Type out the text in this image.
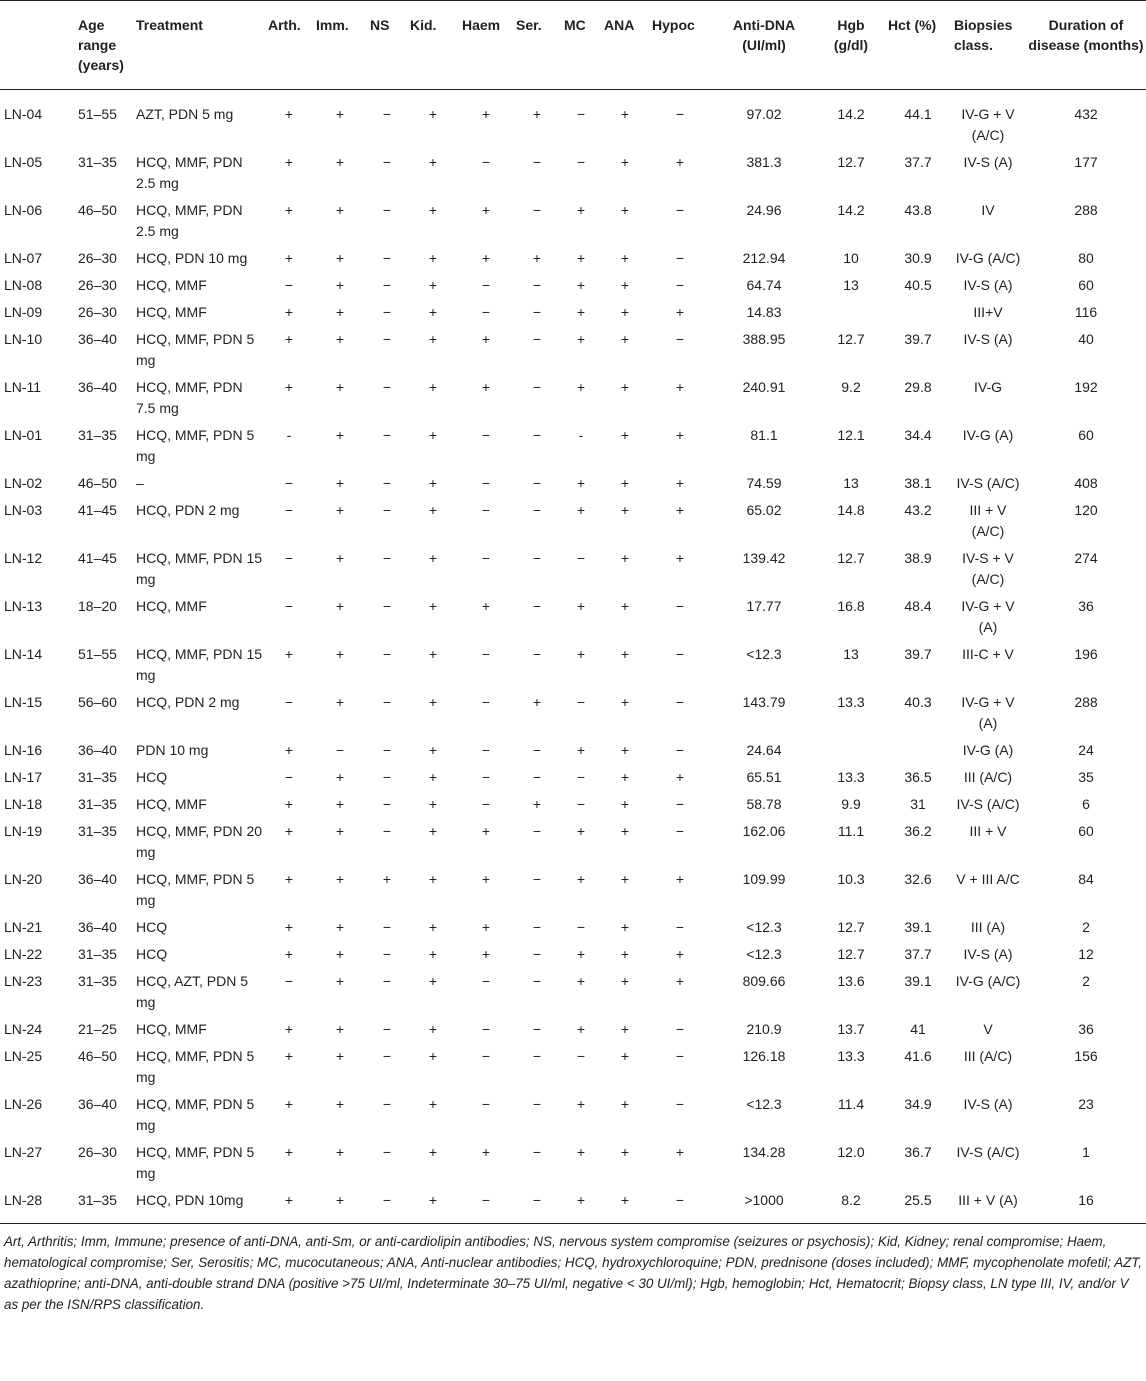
	Age range (years)	Treatment	Arth.	Imm.	NS	Kid.	Haem	Ser.	MC	ANA	Hypoc	Anti-DNA (UI/ml)	Hgb (g/dl)	Hct (%)	Biopsies class.	Duration of disease (months)
LN-04	51–55	AZT, PDN 5 mg	+	+	−	+	+	+	−	+	−	97.02	14.2	44.1	IV-G + V (A/C)	432
LN-05	31–35	HCQ, MMF, PDN 2.5 mg	+	+	−	+	−	−	−	+	+	381.3	12.7	37.7	IV-S (A)	177
LN-06	46–50	HCQ, MMF, PDN 2.5 mg	+	+	−	+	+	−	+	+	−	24.96	14.2	43.8	IV	288
LN-07	26–30	HCQ, PDN 10 mg	+	+	−	+	+	+	+	+	−	212.94	10	30.9	IV-G (A/C)	80
LN-08	26–30	HCQ, MMF	−	+	−	+	−	−	+	+	−	64.74	13	40.5	IV-S (A)	60
LN-09	26–30	HCQ, MMF	+	+	−	+	−	−	+	+	+	14.83			III+V	116
LN-10	36–40	HCQ, MMF, PDN 5 mg	+	+	−	+	+	−	+	+	−	388.95	12.7	39.7	IV-S (A)	40
LN-11	36–40	HCQ, MMF, PDN 7.5 mg	+	+	−	+	+	−	+	+	+	240.91	9.2	29.8	IV-G	192
LN-01	31–35	HCQ, MMF, PDN 5 mg	-	+	−	+	−	−	-	+	+	81.1	12.1	34.4	IV-G (A)	60
LN-02	46–50	–	−	+	−	+	−	−	+	+	+	74.59	13	38.1	IV-S (A/C)	408
LN-03	41–45	HCQ, PDN 2 mg	−	+	−	+	−	−	+	+	+	65.02	14.8	43.2	III + V (A/C)	120
LN-12	41–45	HCQ, MMF, PDN 15 mg	−	+	−	+	−	−	−	+	+	139.42	12.7	38.9	IV-S + V (A/C)	274
LN-13	18–20	HCQ, MMF	−	+	−	+	+	−	+	+	−	17.77	16.8	48.4	IV-G + V (A)	36
LN-14	51–55	HCQ, MMF, PDN 15 mg	+	+	−	+	−	−	+	+	−	<12.3	13	39.7	III-C + V	196
LN-15	56–60	HCQ, PDN 2 mg	−	+	−	+	−	+	−	+	−	143.79	13.3	40.3	IV-G + V (A)	288
LN-16	36–40	PDN 10 mg	+	−	−	+	−	−	+	+	−	24.64			IV-G (A)	24
LN-17	31–35	HCQ	−	+	−	+	−	−	−	+	+	65.51	13.3	36.5	III (A/C)	35
LN-18	31–35	HCQ, MMF	+	+	−	+	−	+	−	+	−	58.78	9.9	31	IV-S (A/C)	6
LN-19	31–35	HCQ, MMF, PDN 20 mg	+	+	−	+	+	−	+	+	−	162.06	11.1	36.2	III + V	60
LN-20	36–40	HCQ, MMF, PDN 5 mg	+	+	+	+	+	−	+	+	+	109.99	10.3	32.6	V + III A/C	84
LN-21	36–40	HCQ	+	+	−	+	+	−	−	+	−	<12.3	12.7	39.1	III (A)	2
LN-22	31–35	HCQ	+	+	−	+	+	−	+	+	+	<12.3	12.7	37.7	IV-S (A)	12
LN-23	31–35	HCQ, AZT, PDN 5 mg	−	+	−	+	−	−	+	+	+	809.66	13.6	39.1	IV-G (A/C)	2
LN-24	21–25	HCQ, MMF	+	+	−	+	−	−	+	+	−	210.9	13.7	41	V	36
LN-25	46–50	HCQ, MMF, PDN 5 mg	+	+	−	+	−	−	−	+	−	126.18	13.3	41.6	III (A/C)	156
LN-26	36–40	HCQ, MMF, PDN 5 mg	+	+	−	+	−	−	+	+	−	<12.3	11.4	34.9	IV-S (A)	23
LN-27	26–30	HCQ, MMF, PDN 5 mg	+	+	−	+	+	−	+	+	+	134.28	12.0	36.7	IV-S (A/C)	1
LN-28	31–35	HCQ, PDN 10mg	+	+	−	+	−	−	+	+	−	>1000	8.2	25.5	III + V (A)	16
Art, Arthritis; Imm, Immune; presence of anti-DNA, anti-Sm, or anti-cardiolipin antibodies; NS, nervous system compromise (seizures or psychosis); Kid, Kidney; renal compromise; Haem, hematological compromise; Ser, Serositis; MC, mucocutaneous; ANA, Anti-nuclear antibodies; HCQ, hydroxychloroquine; PDN, prednisone (doses included); MMF, mycophenolate mofetil; AZT, azathioprine; anti-DNA, anti-double strand DNA (positive >75 UI/ml, Indeterminate 30–75 UI/ml, negative < 30 UI/ml); Hgb, hemoglobin; Hct, Hematocrit; Biopsy class, LN type III, IV, and/or V as per the ISN/RPS classification.
